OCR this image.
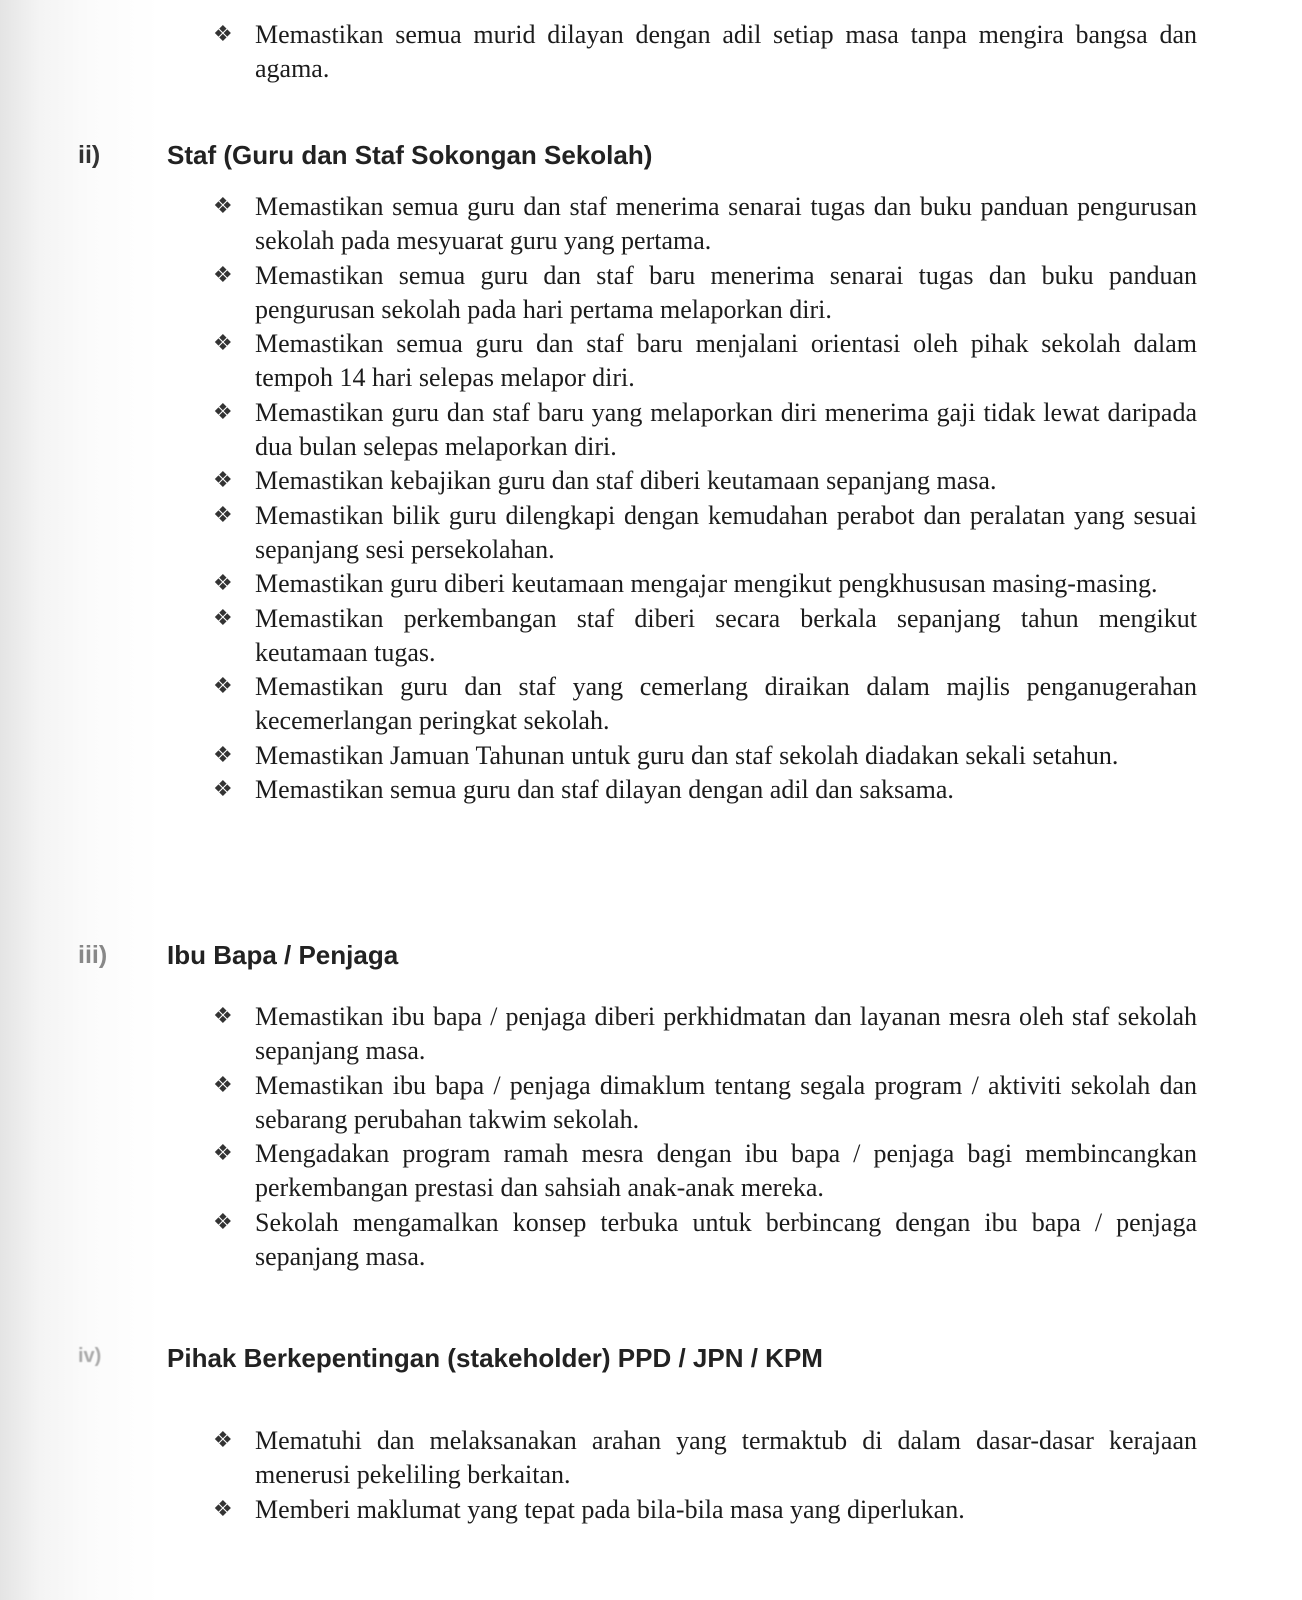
❖
Memastikan semua murid dilayan dengan adil setiap masa tanpa mengira bangsa dan agama.
ii)	Staf (Guru dan Staf Sokongan Sekolah)
❖
Memastikan semua guru dan staf menerima senarai tugas dan buku panduan pengurusan sekolah pada mesyuarat guru yang pertama.
❖
Memastikan semua guru dan staf baru menerima senarai tugas dan buku panduan pengurusan sekolah pada hari pertama melaporkan diri.
❖
Memastikan semua guru dan staf baru menjalani orientasi oleh pihak sekolah dalam tempoh 14 hari selepas melapor diri.
❖
Memastikan guru dan staf baru yang melaporkan diri menerima gaji tidak lewat daripada dua bulan selepas melaporkan diri.
❖
Memastikan kebajikan guru dan staf diberi keutamaan sepanjang masa.
❖
Memastikan bilik guru dilengkapi dengan kemudahan perabot dan peralatan yang sesuai sepanjang sesi persekolahan.
❖
Memastikan guru diberi keutamaan mengajar mengikut pengkhususan masing-masing.
❖
Memastikan perkembangan staf diberi secara berkala sepanjang tahun mengikut keutamaan tugas.
❖
Memastikan guru dan staf yang cemerlang diraikan dalam majlis penganugerahan kecemerlangan peringkat sekolah.
❖
Memastikan Jamuan Tahunan untuk guru dan staf sekolah diadakan sekali setahun.
❖
Memastikan semua guru dan staf dilayan dengan adil dan saksama.
iii) Ibu Bapa / Penjaga
❖
Memastikan ibu bapa / penjaga diberi perkhidmatan dan layanan mesra oleh staf sekolah sepanjang masa.
❖
Memastikan ibu bapa / penjaga dimaklum tentang segala program / aktiviti sekolah dan sebarang perubahan takwim sekolah.
❖
Mengadakan program ramah mesra dengan ibu bapa / penjaga bagi membincangkan perkembangan prestasi dan sahsiah anak-anak mereka.
❖
Sekolah mengamalkan konsep terbuka untuk berbincang dengan ibu bapa / penjaga sepanjang masa.
iv)	Pihak Berkepentingan (stakeholder) PPD / JPN / KPM
❖
Mematuhi dan melaksanakan arahan yang termaktub di dalam dasar-dasar kerajaan menerusi pekeliling berkaitan.
❖
Memberi maklumat yang tepat pada bila-bila masa yang diperlukan.
